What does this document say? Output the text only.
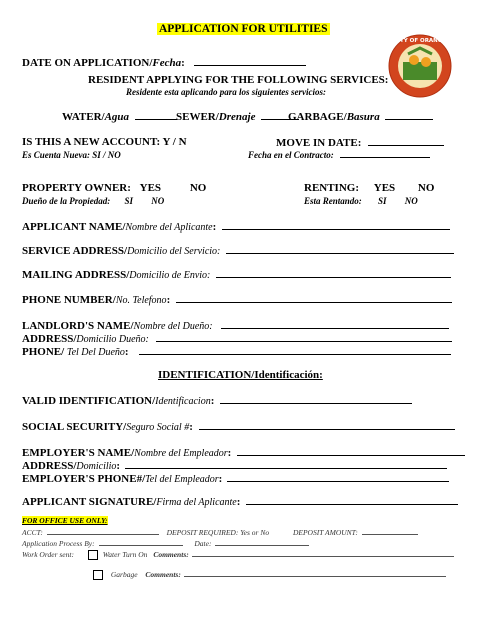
APPLICATION FOR UTILITIES
CITY OF ORANGE
DATE ON APPLICATION/Fecha:
RESIDENT APPLYING FOR THE FOLLOWING SERVICES:
Residente esta aplicando para los siguientes servicios:
WATER/Agua	SEWER/Drenaje	GARBAGE/Basura
IS THIS A NEW ACCOUNT: Y / N
Es Cuenta Nueva: SI / NO
MOVE IN DATE:
Fecha en el Contracto:
PROPERTY OWNER: YES	NO
Dueño de la Propiedad: SI NO
RENTING: YES NO
Esta Rentando: SI NO
APPLICANT NAME/Nombre del Aplicante:
SERVICE ADDRESS/Domicilio del Servicio:
MAILING ADDRESS/Domicilio de Envio:
PHONE NUMBER/No. Telefono:
LANDLORD'S NAME/Nombre del Dueño:
ADDRESS/Domicilio Dueño:
PHONE/ Tel Del Dueño:
IDENTIFICATION/Identificación:
VALID IDENTIFICATION/Identificacion:
SOCIAL SECURITY/Seguro Social #:
EMPLOYER'S NAME/Nombre del Empleador:
ADDRESS/Domicilio:
EMPLOYER'S PHONE#/Tel del Empleador:
APPLICANT SIGNATURE/Firma del Aplicante:
FOR OFFICE USE ONLY:
ACCT:	DEPOSIT REQUIRED: Yes or No	DEPOSIT AMOUNT:
Application Process By:	Date:
Work Order sent:	Water Turn On Comments:
Garbage Comments:
